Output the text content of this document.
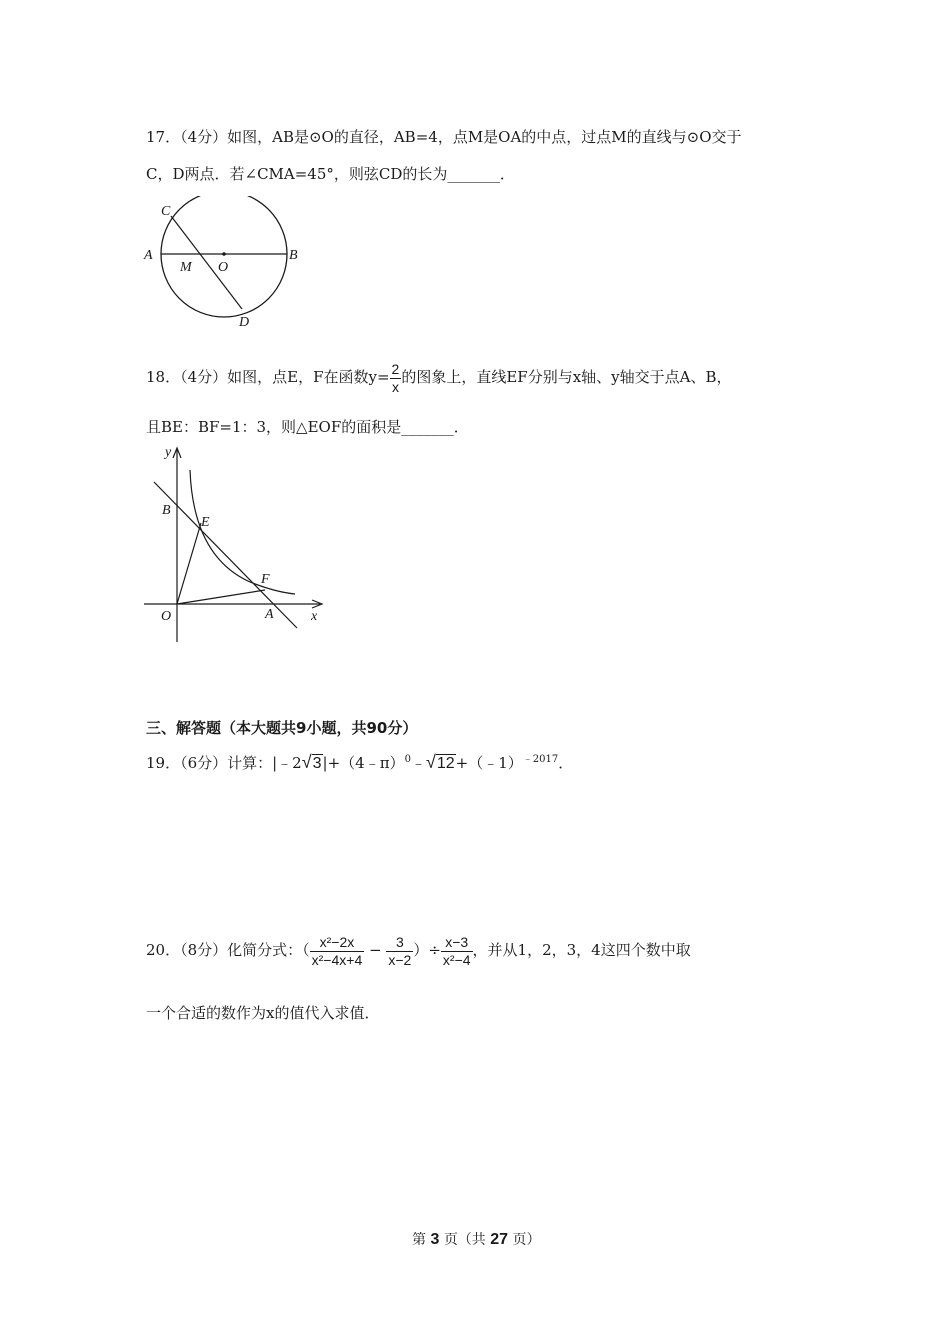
17．（4分）如图，AB是⊙O的直径，AB=4，点M是OA的中点，过点M的直线与⊙O交于
C，D两点．若∠CMA=45°，则弦CD的长为_______．
C
A
M O
B
D
18．（4分）如图，点E，F在函数$y= \frac{2}{x}$ 的图象上，直线EF分别与x轴、y轴交于点A、B，
且BE：BF=1：3，则△EOF的面积是_______．
y
B
E
F
O	A	x
三、解答题（本大题共9小题，共90分）
19．（6分）计算：|﹣2√3|+（4﹣π）$^0$﹣√12+（﹣1）$^{﹣2017}$．
20．（8分）化简分式：（ $\frac{\text{x²−2x}}{\text{x²−4x+4}} - \frac{3}{x-2}$ ）÷ $\frac{x-3}{\text{x²−4}}$ ，并从1，2，3，4这四个数中取
一个合适的数作为x的值代入求值．
第 3 页（共 27 页）
